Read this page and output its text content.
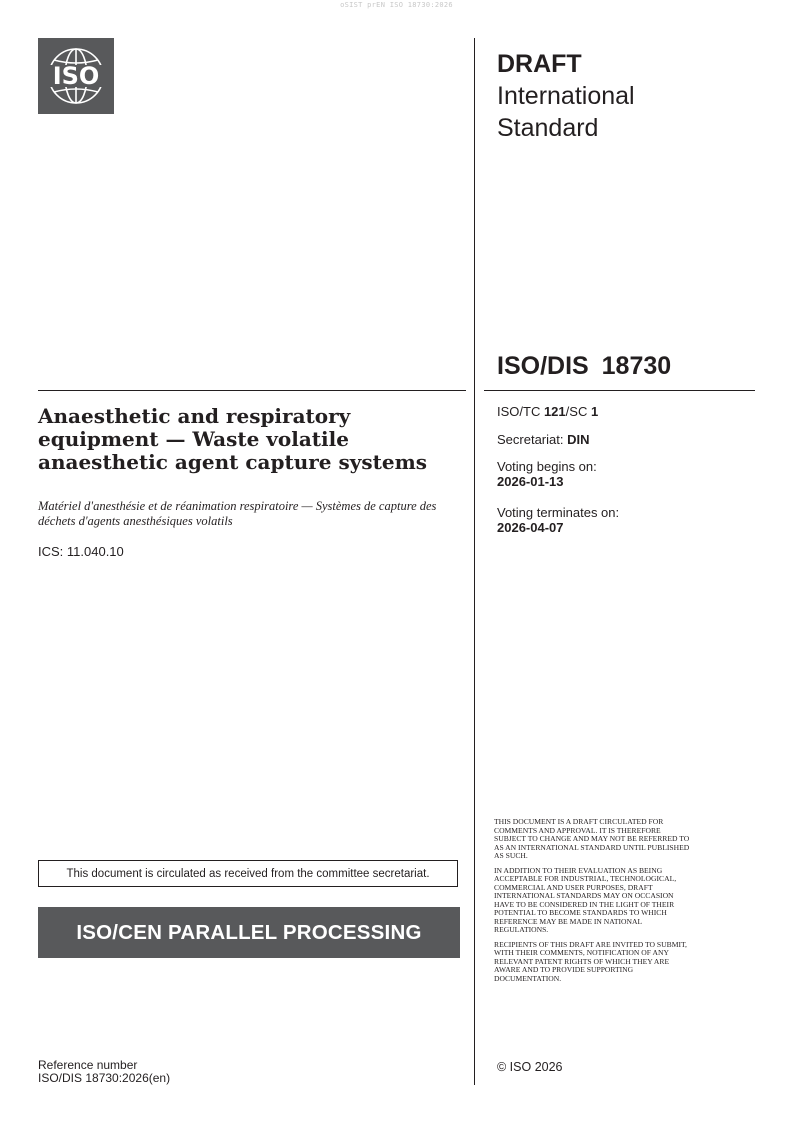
oSIST prEN ISO 18730:2026
ISO	DRAFT
International
Standard
ISO/DIS 18730
Anaesthetic and respiratory equipment — Waste volatile anaesthetic agent capture systems
Matériel d'anesthésie et de réanimation respiratoire — Systèmes de capture des déchets d'agents anesthésiques volatils
ICS: 11.040.10
ISO/TC 121/SC 1
Secretariat: DIN
Voting begins on:
2026-01-13
Voting terminates on:
2026-04-07
This document is circulated as received from the committee secretariat.
ISO/CEN PARALLEL PROCESSING

THIS DOCUMENT IS A DRAFT CIRCULATED FOR COMMENTS AND APPROVAL. IT IS THEREFORE SUBJECT TO CHANGE AND MAY NOT BE REFERRED TO AS AN INTERNATIONAL STANDARD UNTIL PUBLISHED AS SUCH.

IN ADDITION TO THEIR EVALUATION AS BEING ACCEPTABLE FOR INDUSTRIAL, TECHNOLOGICAL, COMMERCIAL AND USER PURPOSES, DRAFT INTERNATIONAL STANDARDS MAY ON OCCASION HAVE TO BE CONSIDERED IN THE LIGHT OF THEIR POTENTIAL TO BECOME STANDARDS TO WHICH REFERENCE MAY BE MADE IN NATIONAL REGULATIONS.

RECIPIENTS OF THIS DRAFT ARE INVITED TO SUBMIT, WITH THEIR COMMENTS, NOTIFICATION OF ANY RELEVANT PATENT RIGHTS OF WHICH THEY ARE AWARE AND TO PROVIDE SUPPORTING DOCUMENTATION.

Reference number
ISO/DIS 18730:2026(en)
© ISO 2026
